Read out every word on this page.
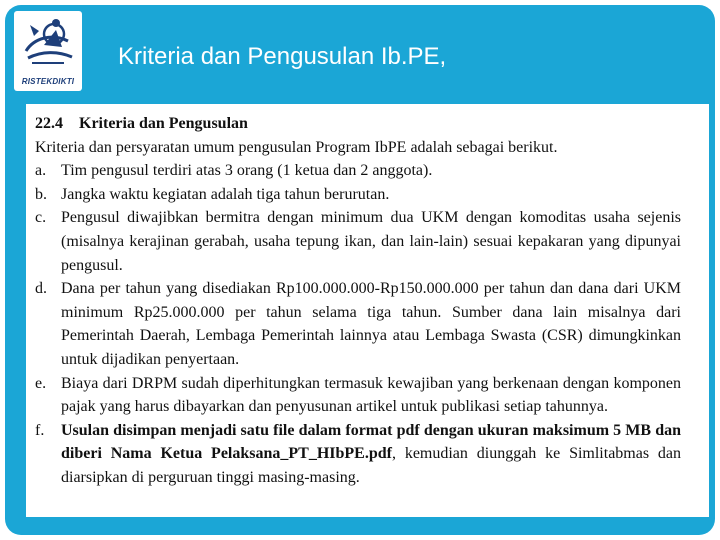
RISTEKDIKTI
Kriteria dan Pengusulan Ib.PE,
22.4 Kriteria dan Pengusulan
Kriteria dan persyaratan umum pengusulan Program IbPE adalah sebagai berikut.
a. Tim pengusul terdiri atas 3 orang (1 ketua dan 2 anggota).
b. Jangka waktu kegiatan adalah tiga tahun berurutan.
c. Pengusul diwajibkan bermitra dengan minimum dua UKM dengan komoditas usaha sejenis (misalnya kerajinan gerabah, usaha tepung ikan, dan lain-lain) sesuai kepakaran yang dipunyai pengusul.
d. Dana per tahun yang disediakan Rp100.000.000-Rp150.000.000 per tahun dan dana dari UKM minimum Rp25.000.000 per tahun selama tiga tahun. Sumber dana lain misalnya dari Pemerintah Daerah, Lembaga Pemerintah lainnya atau Lembaga Swasta (CSR) dimungkinkan untuk dijadikan penyertaan.
e. Biaya dari DRPM sudah diperhitungkan termasuk kewajiban yang berkenaan dengan komponen pajak yang harus dibayarkan dan penyusunan artikel untuk publikasi setiap tahunnya.
f.	Usulan disimpan menjadi satu file dalam format pdf dengan ukuran maksimum 5 MB dan diberi Nama Ketua Pelaksana_PT_HIbPE.pdf, kemudian diunggah ke Simlitabmas dan diarsipkan di perguruan tinggi masing-masing.
